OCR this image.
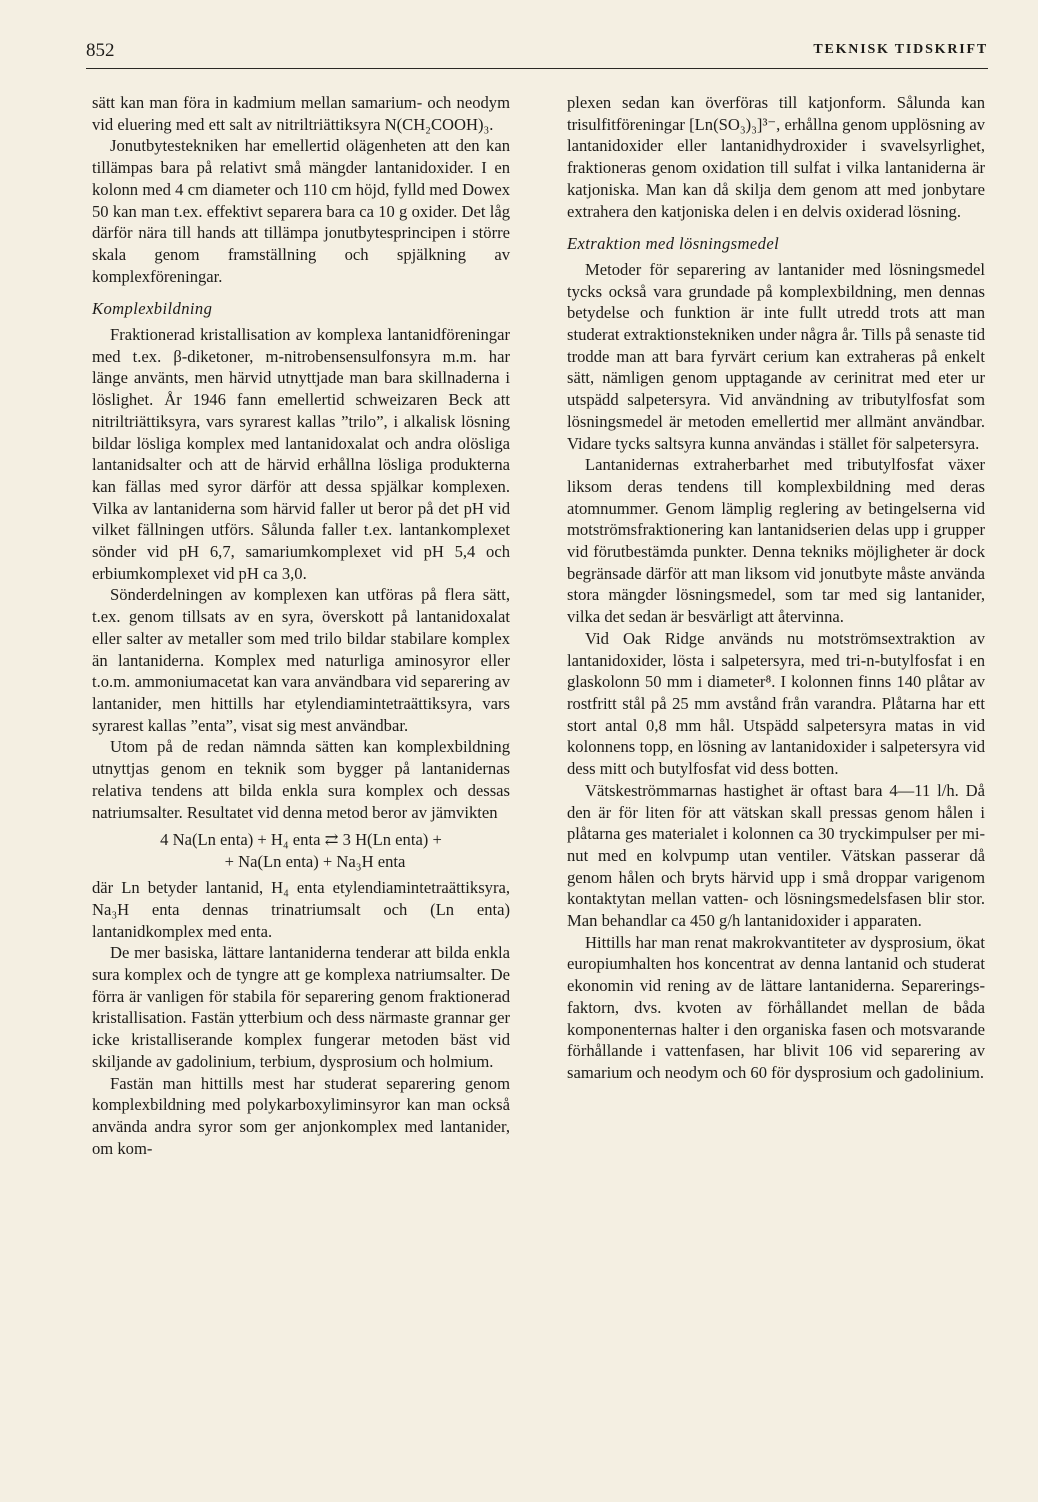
852	TEKNISK TIDSKRIFT

sätt kan man föra in kadmium mellan samarium- och neodym vid eluering med ett salt av nitriltriättiksyra N(CH₂COOH)₃.

Jonutbytestekniken har emellertid olägenheten att den kan tillämpas bara på relativt små mängder lantanidoxider. I en kolonn med 4 cm diameter och 110 cm höjd, fylld med Dowex 50 kan man t.ex. effektivt separera bara ca 10 g oxider. Det låg därför nära till hands att tillämpa jonutbytesprincipen i större skala genom framställning och spjälkning av komplexföreningar.

Komplexbildning

Fraktionerad kristallisation av komplexa lantanidföreningar med t.ex. β-diketoner, m-nitrobensensulfonsyra m.m. har länge använts, men härvid utnyttjade man bara skillnaderna i löslighet. År 1946 fann emellertid schweizaren Beck att nitriltriättiksyra, vars syrarest kallas ”trilo”, i alkalisk lösning bildar lösliga komplex med lantanidoxalat och andra olösliga lantanidsalter och att de härvid erhållna lösliga produkterna kan fällas med syror därför att dessa spjälkar komplexen. Vilka av lantaniderna som härvid faller ut beror på det pH vid vilket fällningen utförs. Sålunda faller t.ex. lantankomplexet sönder vid pH 6,7, samariumkomplexet vid pH 5,4 och erbiumkomplexet vid pH ca 3,0.

Sönderdelningen av komplexen kan utföras på flera sätt, t.ex. genom tillsats av en syra, överskott på lantanidoxalat eller salter av metaller som med trilo bildar stabilare komplex än lantaniderna. Komplex med naturliga aminosyror eller t.o.m. ammoniumacetat kan vara användbara vid separering av lantanider, men hittills har etylendiamintetraättiksyra, vars syrarest kallas ”enta”, visat sig mest användbar.

Utom på de redan nämnda sätten kan komplexbildning utnyttjas genom en teknik som bygger på lantanidernas relativa tendens att bilda enkla sura komplex och dessas natriumsalter. Resultatet vid denna metod beror av jämvikten

4 Na(Ln enta) + H₄ enta ⇄ 3 H(Ln enta) +
+ Na(Ln enta) + Na₃H enta

där Ln betyder lantanid, H₄ enta etylendiamintetraättiksyra, Na₃H enta dennas trinatriumsalt och (Ln enta) lantanidkomplex med enta.

De mer basiska, lättare lantaniderna tenderar att bilda enkla sura komplex och de tyngre att ge komplexa natriumsalter. De förra är vanligen för stabila för separering genom fraktionerad kristallisation. Fastän ytterbium och dess närmaste grannar ger icke kristalliserande komplex fungerar metoden bäst vid skiljande av gadolinium, terbium, dysprosium och holmium.

Fastän man hittills mest har studerat separering genom komplexbildning med polykarboxyliminsyror kan man också använda andra syror som ger anjonkomplex med lantanider, om kom-

plexen sedan kan överföras till katjonform. Sålunda kan trisulfitföreningar [Ln(SO₃)₃]³⁻, erhållna genom upplösning av lantanidoxider eller lantanidhydroxider i svavelsyrlighet, fraktioneras genom oxidation till sulfat i vilka lantaniderna är katjoniska. Man kan då skilja dem genom att med jonbytare extrahera den katjoniska delen i en delvis oxiderad lösning.

Extraktion med lösningsmedel

Metoder för separering av lantanider med lösningsmedel tycks också vara grundade på komplexbildning, men dennas betydelse och funktion är inte fullt utredd trots att man studerat extraktionstekniken under några år. Tills på senaste tid trodde man att bara fyrvärt cerium kan extraheras på enkelt sätt, nämligen genom upptagande av cerinitrat med eter ur utspädd salpetersyra. Vid användning av tributylfosfat som lösningsmedel är metoden emellertid mer allmänt användbar. Vidare tycks saltsyra kunna användas i stället för salpetersyra.

Lantanidernas extraherbarhet med tributylfosfat växer liksom deras tendens till komplexbildning med deras atomnummer. Genom lämplig reglering av betingelserna vid motströmsfraktionering kan lantanidserien delas upp i grupper vid förutbestämda punkter. Denna tekniks möjligheter är dock begränsade därför att man liksom vid jonutbyte måste använda stora mängder lösningsmedel, som tar med sig lantanider, vilka det sedan är besvärligt att återvinna.

Vid Oak Ridge används nu motströmsextraktion av lantanidoxider, lösta i salpetersyra, med tri-n-butylfosfat i en glaskolonn 50 mm i diameter⁸. I kolonnen finns 140 plåtar av rostfritt stål på 25 mm avstånd från varandra. Plåtarna har ett stort antal 0,8 mm hål. Utspädd salpetersyra matas in vid kolonnens topp, en lösning av lantanidoxider i salpetersyra vid dess mitt och butylfosfat vid dess botten.

Vätskeströmmarnas hastighet är oftast bara 4—11 l/h. Då den är för liten för att vätskan skall pressas genom hålen i plåtarna ges materialet i kolonnen ca 30 tryckimpulser per minut med en kolvpump utan ventiler. Vätskan passerar då genom hålen och bryts härvid upp i små droppar varigenom kontaktytan mellan vatten- och lösningsmedelsfasen blir stor. Man behandlar ca 450 g/h lantanidoxider i apparaten.

Hittills har man renat makrokvantiteter av dysprosium, ökat europiumhalten hos koncentrat av denna lantanid och studerat ekonomin vid rening av de lättare lantaniderna. Separeringsfaktorn, dvs. kvoten av förhållandet mellan de båda komponenternas halter i den organiska fasen och motsvarande förhållande i vattenfasen, har blivit 106 vid separering av samarium och neodym och 60 för dysprosium och gadolinium.
